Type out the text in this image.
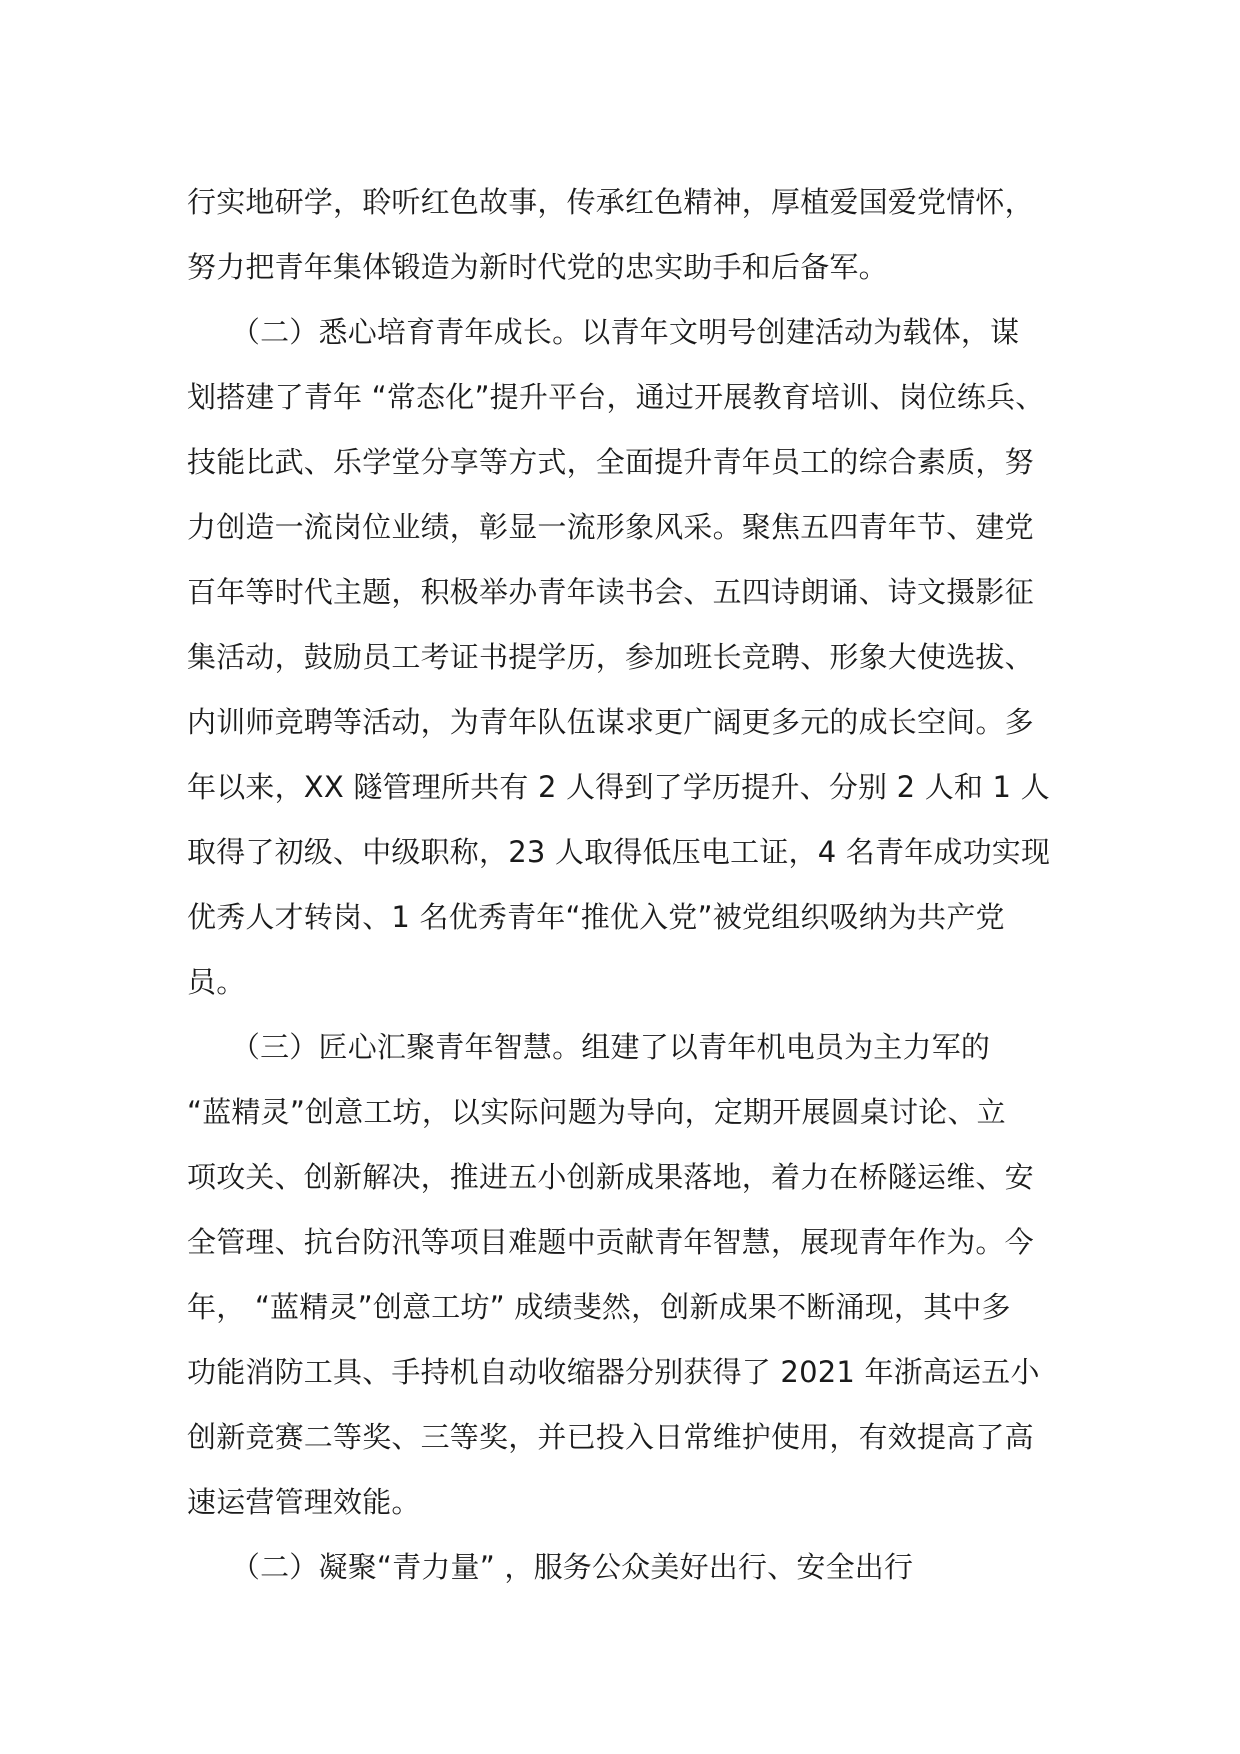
行实地研学，聆听红色故事，传承红色精神，厚植爱国爱党情怀，
努力把青年集体锻造为新时代党的忠实助手和后备军。
　　（二）悉心培育青年成长。以青年文明号创建活动为载体，谋
划搭建了青年 “常态化”提升平台，通过开展教育培训、岗位练兵、
技能比武、乐学堂分享等方式，全面提升青年员工的综合素质，努
力创造一流岗位业绩，彰显一流形象风采。聚焦五四青年节、建党
百年等时代主题，积极举办青年读书会、五四诗朗诵、诗文摄影征
集活动，鼓励员工考证书提学历，参加班长竞聘、形象大使选拔、
内训师竞聘等活动，为青年队伍谋求更广阔更多元的成长空间。多
年以来，XX 隧管理所共有 2 人得到了学历提升、分别 2 人和 1 人
取得了初级、中级职称，23 人取得低压电工证，4 名青年成功实现
优秀人才转岗、1 名优秀青年“推优入党”被党组织吸纳为共产党
员。
　　（三）匠心汇聚青年智慧。组建了以青年机电员为主力军的
“蓝精灵”创意工坊，以实际问题为导向，定期开展圆桌讨论、立
项攻关、创新解决，推进五小创新成果落地，着力在桥隧运维、安
全管理、抗台防汛等项目难题中贡献青年智慧，展现青年作为。今
年， “蓝精灵”创意工坊” 成绩斐然，创新成果不断涌现，其中多
功能消防工具、手持机自动收缩器分别获得了 2021 年浙高运五小
创新竞赛二等奖、三等奖，并已投入日常维护使用，有效提高了高
速运营管理效能。
　　（二）凝聚“青力量” ，服务公众美好出行、安全出行
